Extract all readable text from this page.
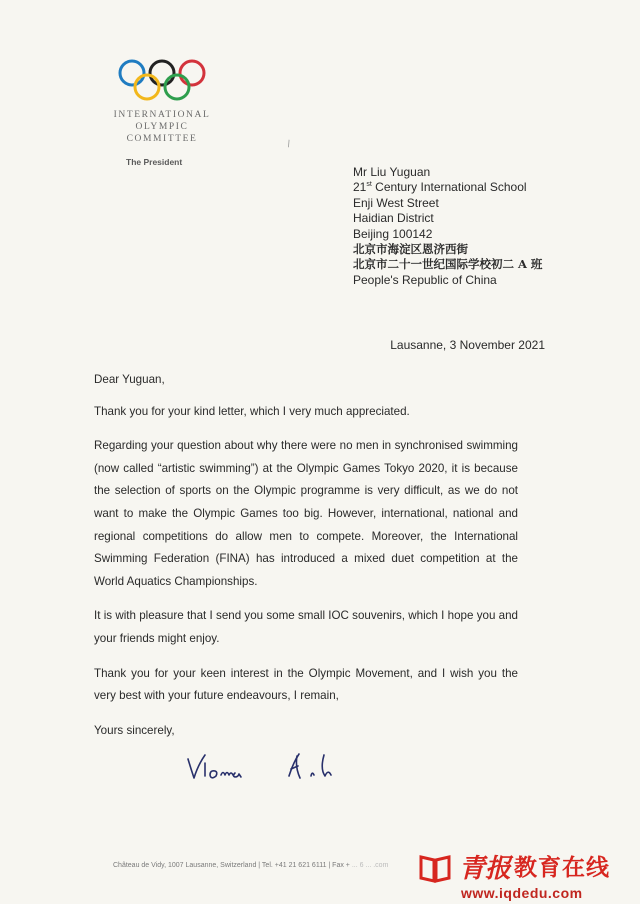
INTERNATIONAL
OLYMPIC
COMMITTEE
The President
\
Mr Liu Yuguan
21st Century International School
Enji West Street
Haidian District
Beijing 100142
北京市海淀区恩济西街
北京市二十一世纪国际学校初二 A 班
People's Republic of China
Lausanne, 3 November 2021

Dear Yuguan,

Thank you for your kind letter, which I very much appreciated.

Regarding your question about why there were no men in synchronised swimming (now called “artistic swimming”) at the Olympic Games Tokyo 2020, it is because the selection of sports on the Olympic programme is very difficult, as we do not want to make the Olympic Games too big. However, international, national and regional competitions do allow men to compete. Moreover, the International Swimming Federation (FINA) has introduced a mixed duet competition at the World Aquatics Championships.

It is with pleasure that I send you some small IOC souvenirs, which I hope you and your friends might enjoy.

Thank you for your keen interest in the Olympic Movement, and I wish you the very best with your future endeavours, I remain,

Yours sincerely,

Château de Vidy, 1007 Lausanne, Switzerland | Tel. +41 21 621 6111 | Fax + ... 6 ... .com	青报 教育在线
www.iqdedu.com
